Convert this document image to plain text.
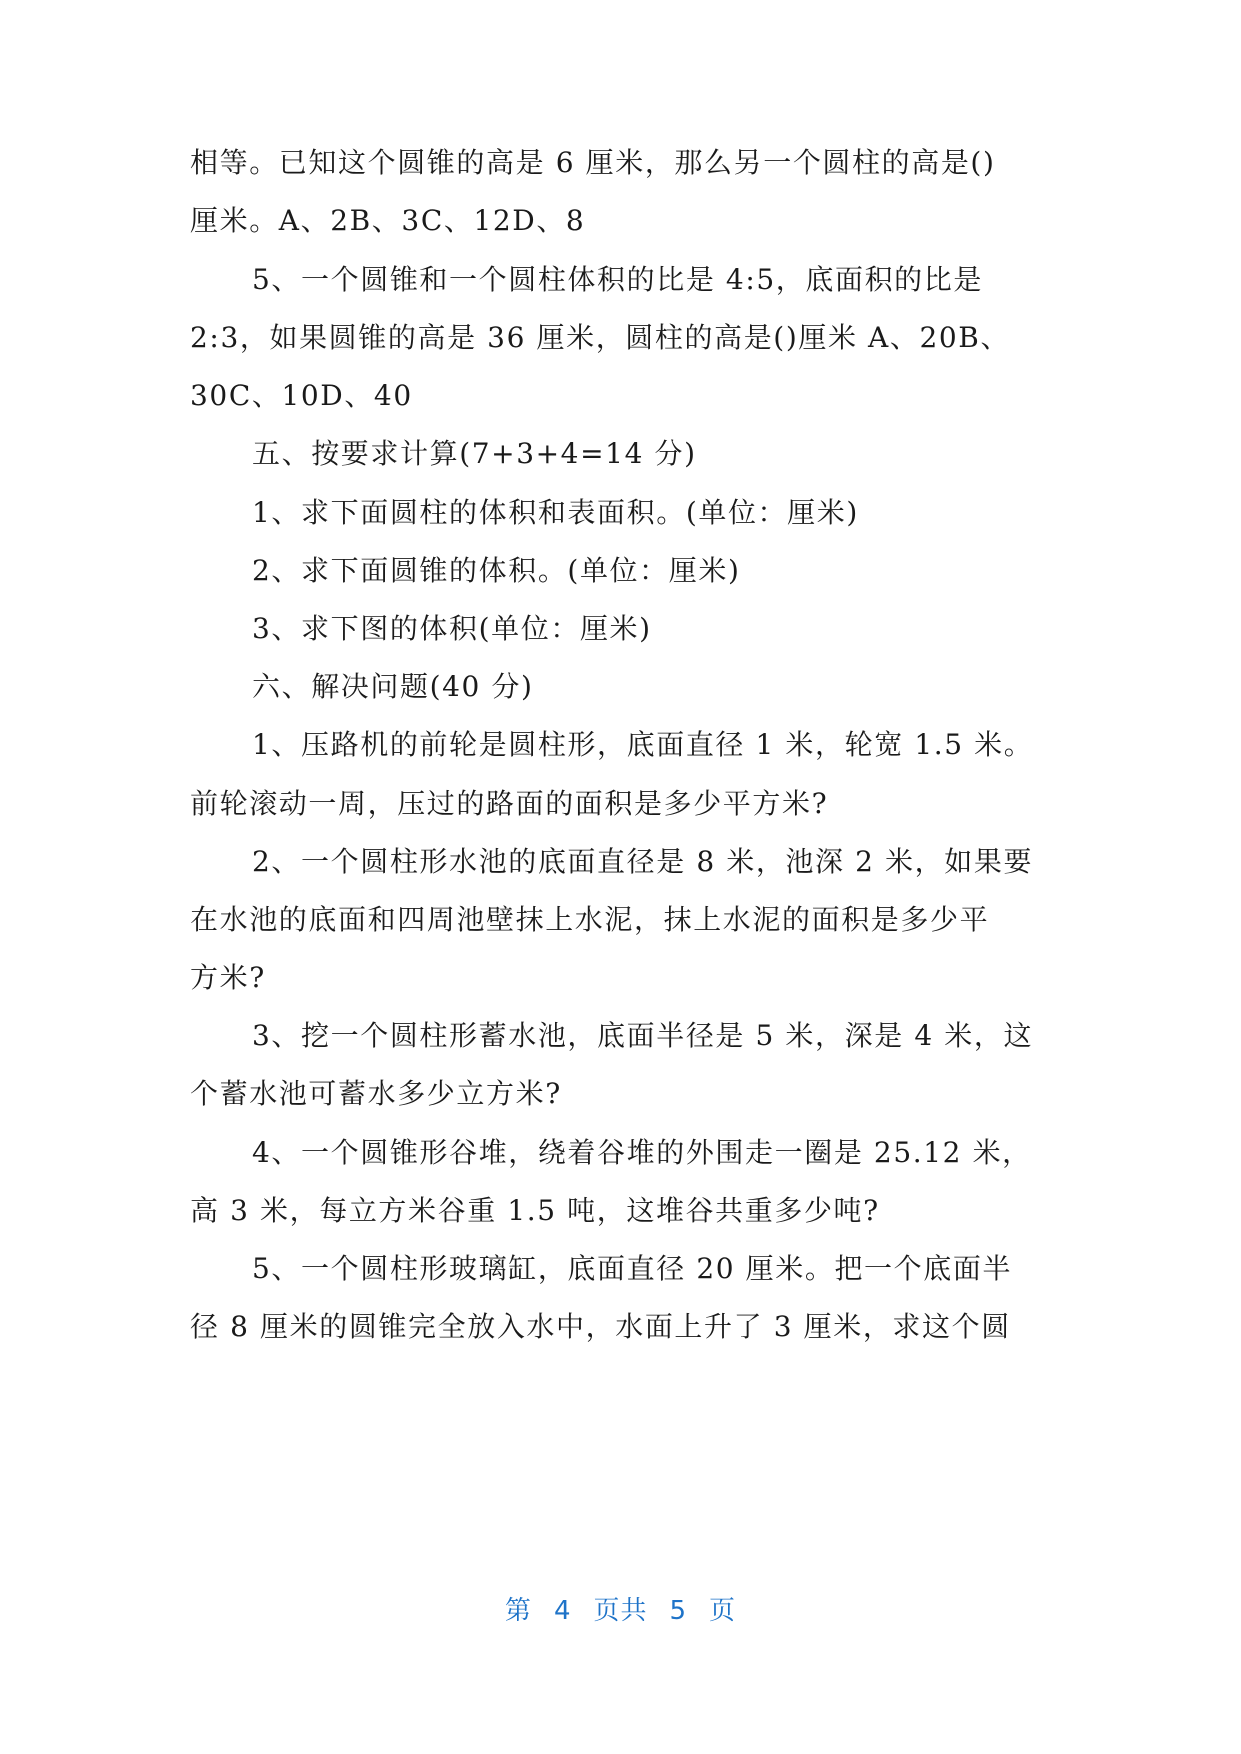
相等。已知这个圆锥的高是 6 厘米，那么另一个圆柱的高是()
厘米。A、2B、3C、12D、8
5、一个圆锥和一个圆柱体积的比是 4:5，底面积的比是
2:3，如果圆锥的高是 36 厘米，圆柱的高是()厘米 A、20B、
30C、10D、40
五、按要求计算(7+3+4=14 分)
1、求下面圆柱的体积和表面积。(单位：厘米)
2、求下面圆锥的体积。(单位：厘米)
3、求下图的体积(单位：厘米)
六、解决问题(40 分)
1、压路机的前轮是圆柱形，底面直径 1 米，轮宽 1.5 米。
前轮滚动一周，压过的路面的面积是多少平方米?
2、一个圆柱形水池的底面直径是 8 米，池深 2 米，如果要
在水池的底面和四周池壁抹上水泥，抹上水泥的面积是多少平
方米?
3、挖一个圆柱形蓄水池，底面半径是 5 米，深是 4 米，这
个蓄水池可蓄水多少立方米?
4、一个圆锥形谷堆，绕着谷堆的外围走一圈是 25.12 米，
高 3 米，每立方米谷重 1.5 吨，这堆谷共重多少吨?
5、一个圆柱形玻璃缸，底面直径 20 厘米。把一个底面半
径 8 厘米的圆锥完全放入水中，水面上升了 3 厘米，求这个圆
第 4 页共 5 页
